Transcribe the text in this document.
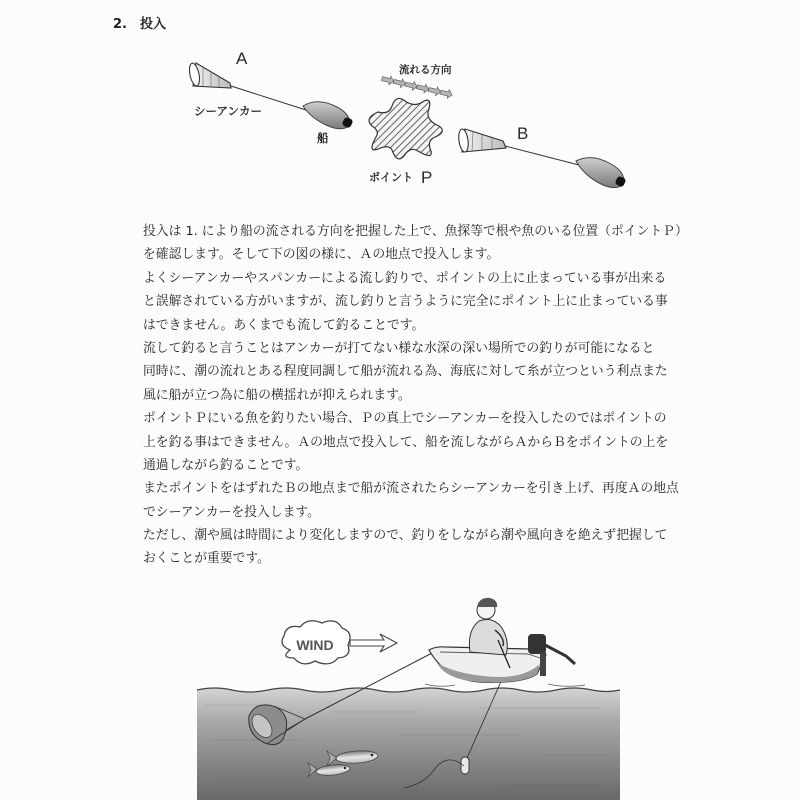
2. 投入
A
シーアンカー
船
流れる方向
ポイント P
B
投入は 1. により船の流される方向を把握した上で、魚探等で根や魚のいる位置（ポイントＰ）
を確認します。そして下の図の様に、Ａの地点で投入します。
よくシーアンカーやスパンカーによる流し釣りで、ポイントの上に止まっている事が出来る
と誤解されている方がいますが、流し釣りと言うように完全にポイント上に止まっている事
はできません。あくまでも流して釣ることです。
流して釣ると言うことはアンカーが打てない様な水深の深い場所での釣りが可能になると
同時に、潮の流れとある程度同調して船が流れる為、海底に対して糸が立つという利点また
風に船が立つ為に船の横揺れが抑えられます。
ポイントＰにいる魚を釣りたい場合、Ｐの真上でシーアンカーを投入したのではポイントの
上を釣る事はできません。Ａの地点で投入して、船を流しながらＡからＢをポイントの上を
通過しながら釣ることです。
またポイントをはずれたＢの地点まで船が流されたらシーアンカーを引き上げ、再度Ａの地点
でシーアンカーを投入します。
ただし、潮や風は時間により変化しますので、釣りをしながら潮や風向きを絶えず把握して
おくことが重要です。
WIND
